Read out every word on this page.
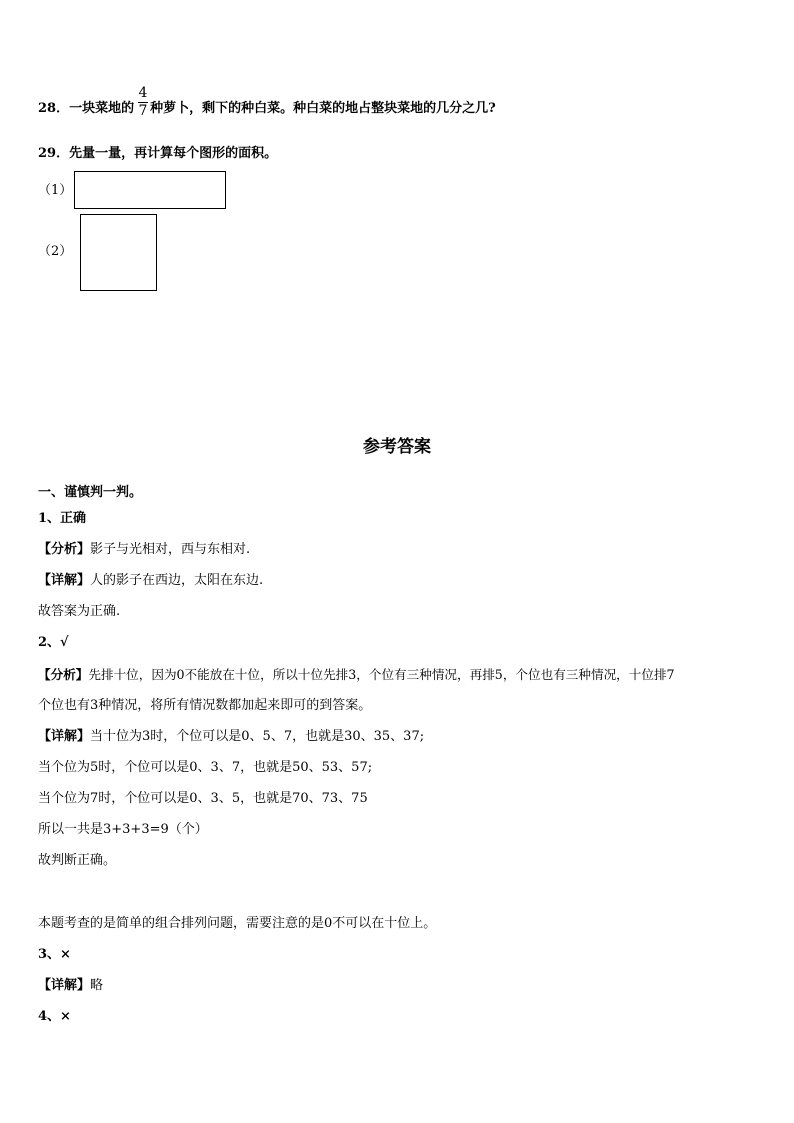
28．一块菜地的 种萝卜，剩下的种白菜。种白菜的地占整块菜地的几分之几?
4
7
29．先量一量，再计算每个图形的面积。
（1）
（2）
参考答案
一、谨慎判一判。
1、正确
【分析】影子与光相对，西与东相对.
【详解】人的影子在西边，太阳在东边.
故答案为正确.
2、√
【分析】先排十位，因为0不能放在十位，所以十位先排3，个位有三种情况，再排5，个位也有三种情况，十位排7
个位也有3种情况，将所有情况数都加起来即可的到答案。
【详解】当十位为3时，个位可以是0、5、7，也就是30、35、37;
当个位为5时，个位可以是0、3、7，也就是50、53、57;
当个位为7时，个位可以是0、3、5，也就是70、73、75
所以一共是3+3+3=9（个）
故判断正确。
本题考查的是简单的组合排列问题，需要注意的是0不可以在十位上。
3、×
【详解】略
4、×
